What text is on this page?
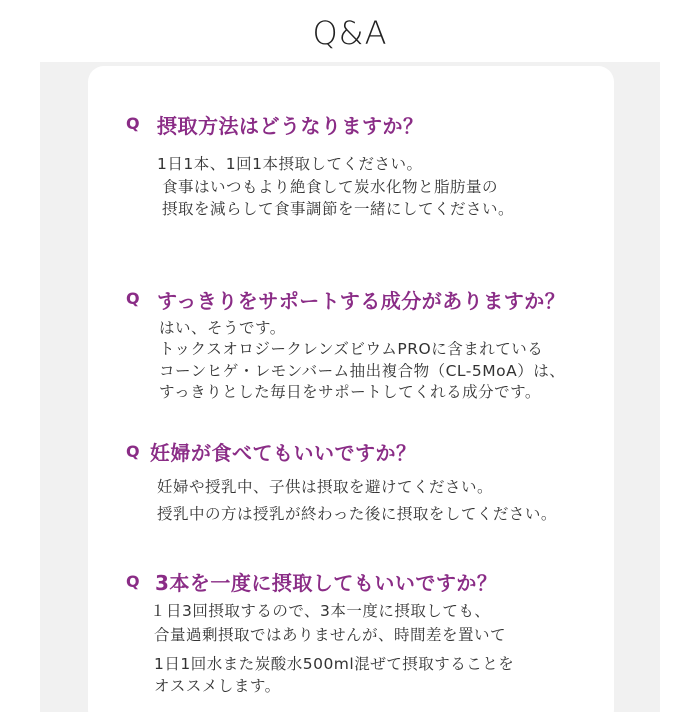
Q&A
Q 摂取方法はどうなりますか？
1日1本、1回1本摂取してください。
食事はいつもより絶食して炭水化物と脂肪量の
摂取を減らして食事調節を一緒にしてください。
Q すっきりをサポートする成分がありますか？
はい、そうです。
トックスオロジークレンズビウムPROに含まれている
コーンヒゲ・レモンバーム抽出複合物（CL-5MoA）は、
すっきりとした毎日をサポートしてくれる成分です。
Q 妊婦が食べてもいいですか？
妊婦や授乳中、子供は摂取を避けてください。
授乳中の方は授乳が終わった後に摂取をしてください。
Q 3本を一度に摂取してもいいですか？
１日3回摂取するので、3本一度に摂取しても、
合量過剰摂取ではありませんが、時間差を置いて
1日1回水また炭酸水500ml混ぜて摂取することを
オススメします。
